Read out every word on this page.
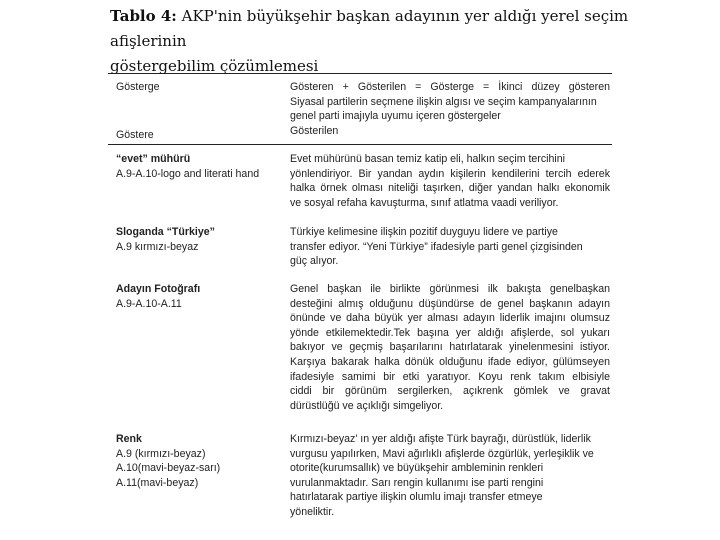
Tablo 4: AKP'nin büyükşehir başkan adayının yer aldığı yerel seçim afişlerinin
göstergebilim çözümlemesi
Gösterge
Göstere
Gösteren + Gösterilen = Gösterge = İkinci düzey gösteren
Siyasal partilerin seçmene ilişkin algısı ve seçim kampanyalarının
genel parti imajıyla uyumu içeren göstergeler
Gösterilen
“evet” mühürü
A.9-A.10-logo and literati hand
Evet mühürünü basan temiz katip eli, halkın seçim tercihini
yönlendiriyor. Bir yandan aydın kişilerin kendilerini tercih ederek
halka örnek olması niteliği taşırken, diğer yandan halkı ekonomik
ve sosyal refaha kavuşturma, sınıf atlatma vaadi veriliyor.
Sloganda “Türkiye”
A.9 kırmızı-beyaz
Türkiye kelimesine ilişkin pozitif duyguyu lidere ve partiye
transfer ediyor. “Yeni Türkiye” ifadesiyle parti genel çizgisinden
güç alıyor.
Adayın Fotoğrafı
A.9-A.10-A.11
Genel başkan ile birlikte görünmesi ilk bakışta genelbaşkan
desteğini almış olduğunu düşündürse de genel başkanın adayın
önünde ve daha büyük yer alması adayın liderlik imajını olumsuz
yönde etkilemektedir.Tek başına yer aldığı afişlerde, sol yukarı
bakıyor ve geçmiş başarılarını hatırlatarak yinelenmesini istiyor.
Karşıya bakarak halka dönük olduğunu ifade ediyor, gülümseyen
ifadesiyle samimi bir etki yaratıyor. Koyu renk takım elbisiyle
ciddi bir görünüm sergilerken, açıkrenk gömlek ve gravat
dürüstlüğü ve açıklığı simgeliyor.
Renk
A.9 (kırmızı-beyaz)
A.10(mavi-beyaz-sarı)
A.11(mavi-beyaz)
Kırmızı-beyaz' ın yer aldığı afişte Türk bayrağı, dürüstlük, liderlik
vurgusu yapılırken, Mavi ağırlıklı afişlerde özgürlük, yerleşiklik ve
otorite(kurumsallık) ve büyükşehir ambleminin renkleri
vurulanmaktadır. Sarı rengin kullanımı ise parti rengini
hatırlatarak partiye ilişkin olumlu imajı transfer etmeye
yöneliktir.
